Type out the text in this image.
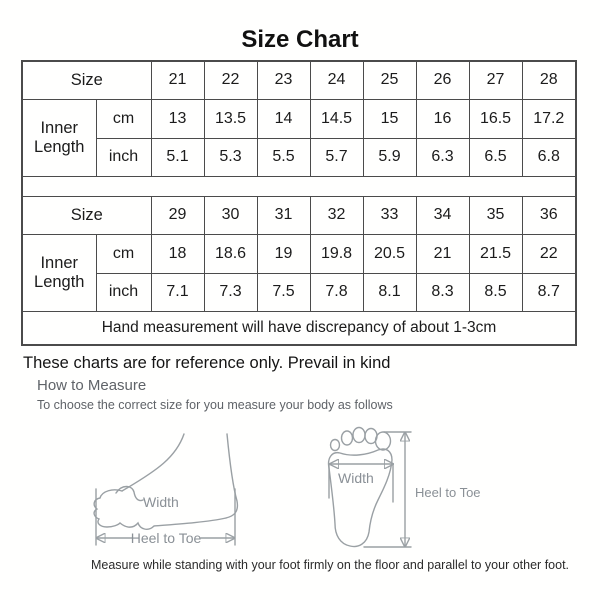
Size Chart
Size		21	22	23	24	25	26	27	28
Inner Length	cm	13	13.5	14	14.5	15	16	16.5	17.2
	inch	5.1	5.3	5.5	5.7	5.9	6.3	6.5	6.8

Size		29	30	31	32	33	34	35	36
Inner Length	cm	18	18.6	19	19.8	20.5	21	21.5	22
	inch	7.1	7.3	7.5	7.8	8.1	8.3	8.5	8.7
Hand measurement will have discrepancy of about 1-3cm									
These charts are for reference only. Prevail in kind
How to Measure
To choose the correct size for you measure your body as follows
Width
Heel to Toe
Width
Heel to Toe
Measure while standing with your foot firmly on the floor and parallel to your other foot.
